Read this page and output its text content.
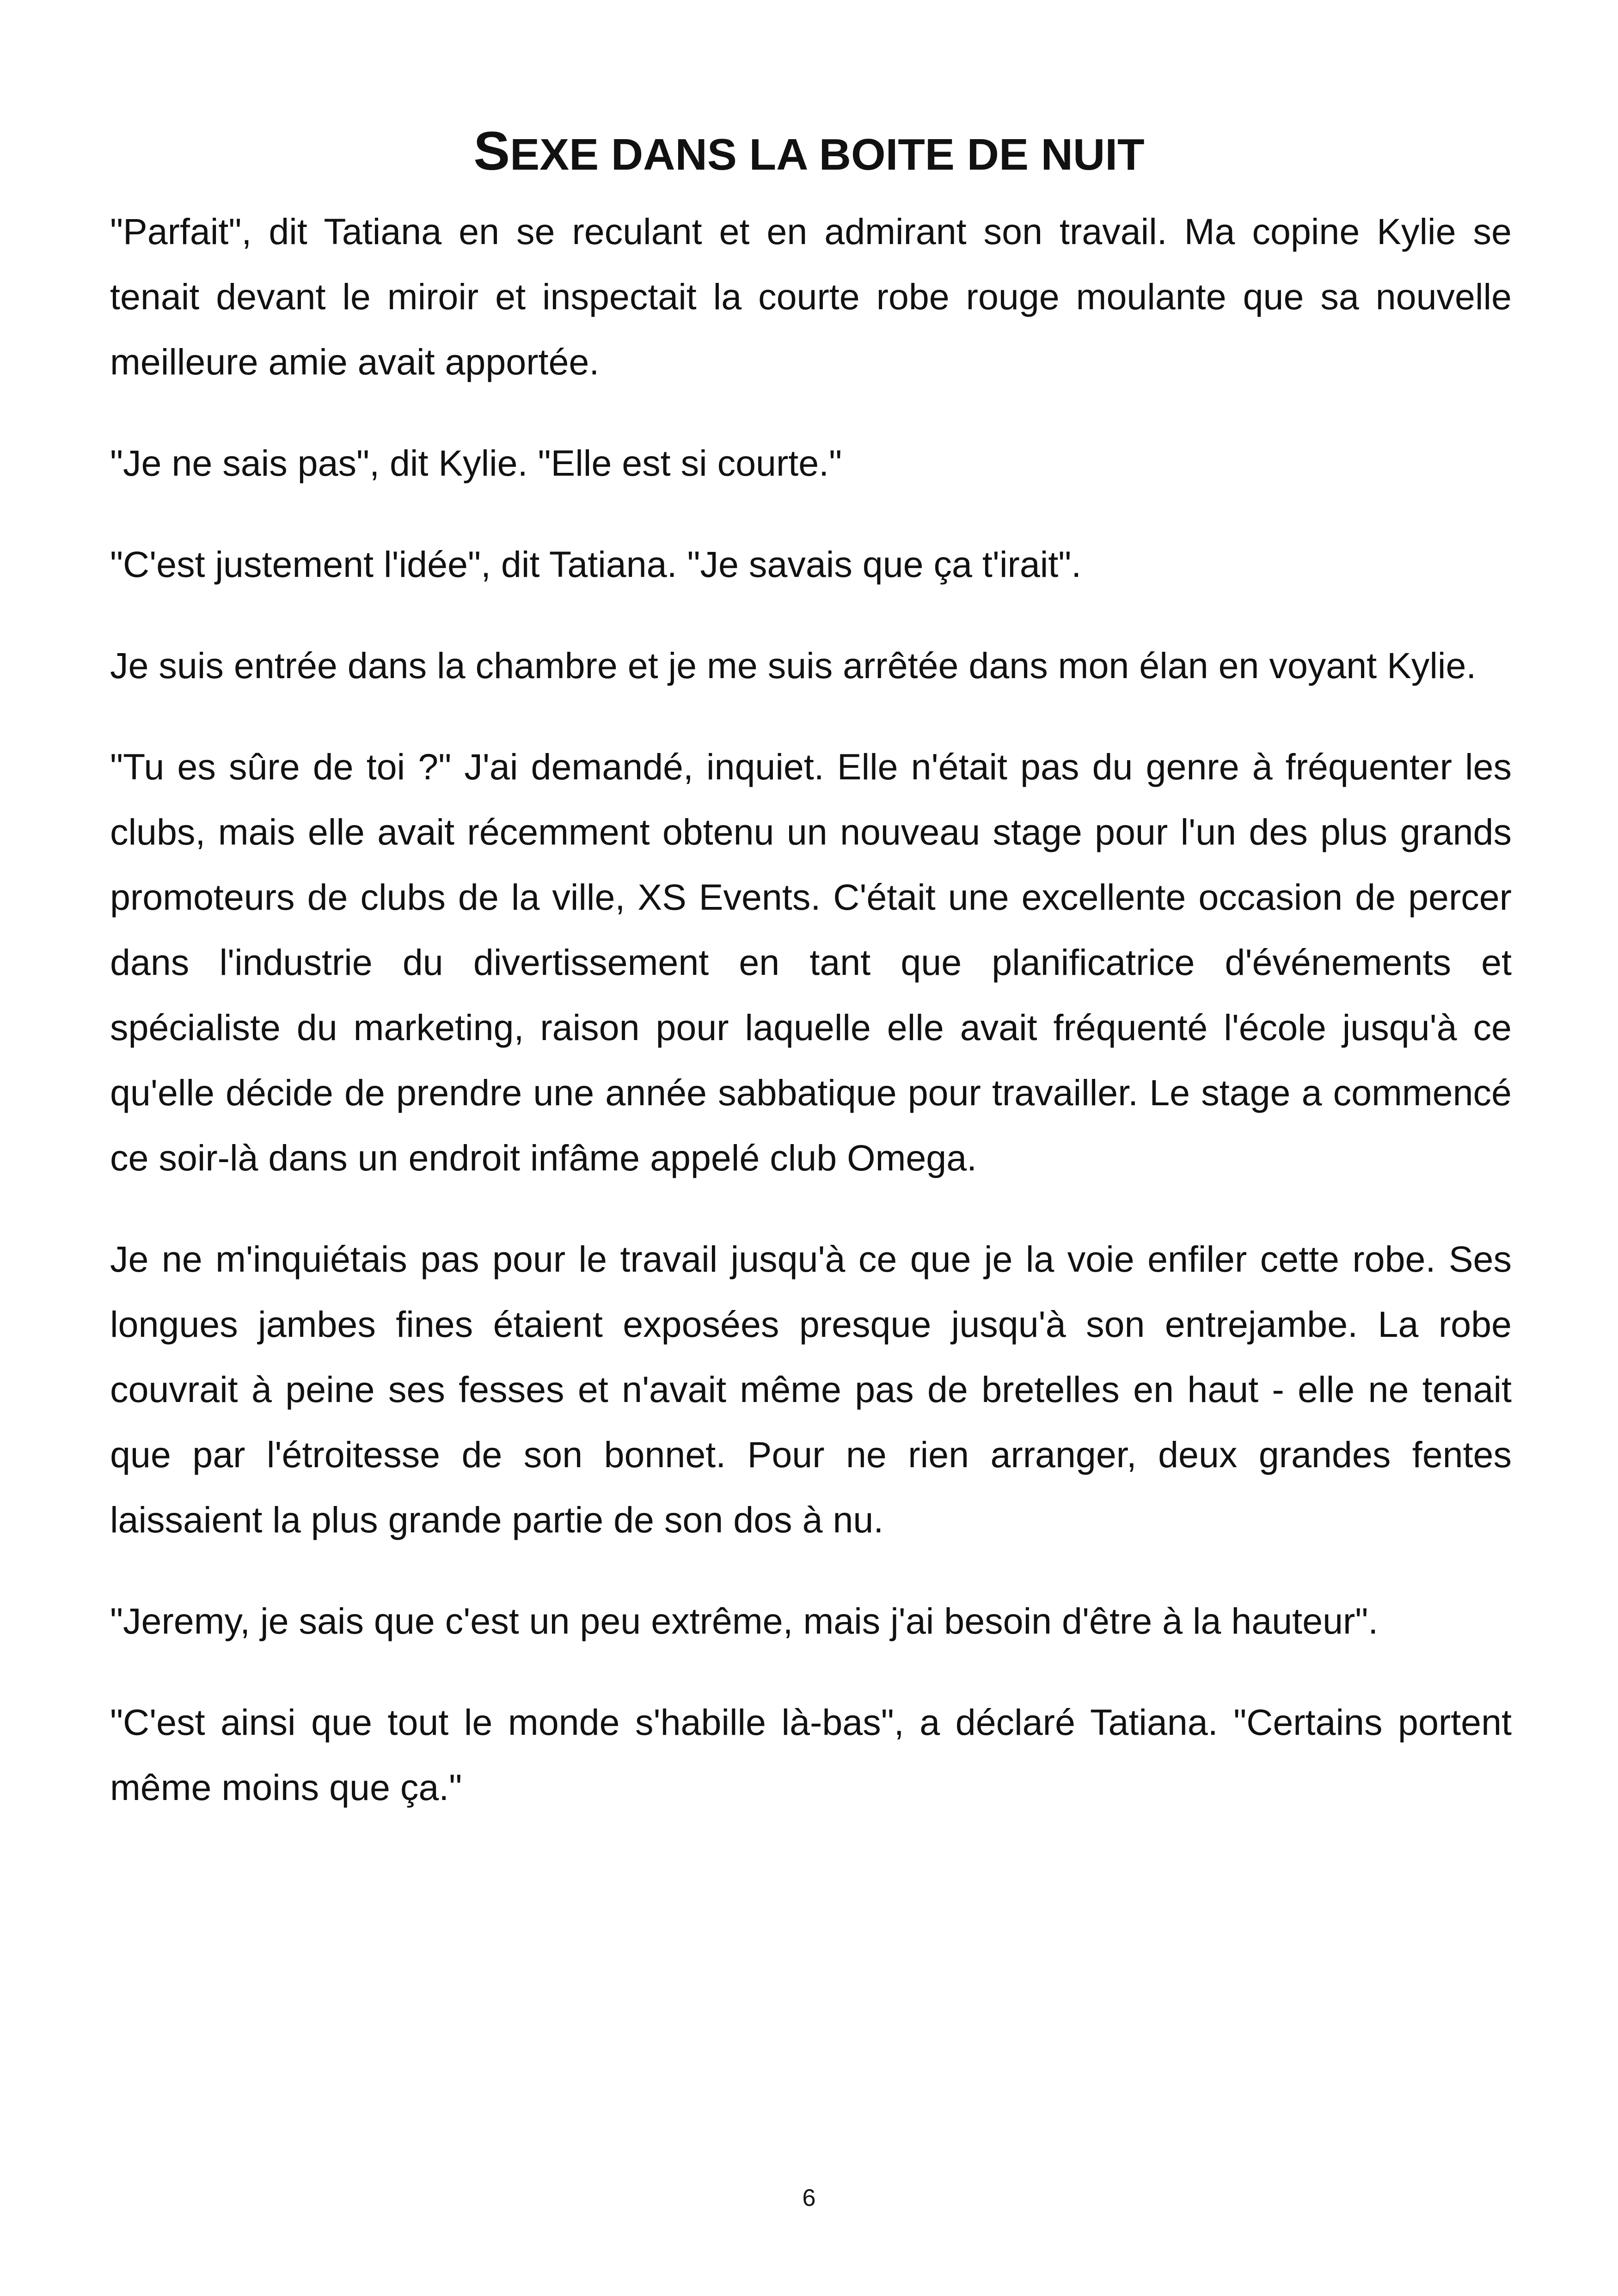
SEXE DANS LA BOITE DE NUIT

"Parfait", dit Tatiana en se reculant et en admirant son travail. Ma copine Kylie se tenait devant le miroir et inspectait la courte robe rouge moulante que sa nouvelle meilleure amie avait apportée.

"Je ne sais pas", dit Kylie. "Elle est si courte."

"C'est justement l'idée", dit Tatiana. "Je savais que ça t'irait".

Je suis entrée dans la chambre et je me suis arrêtée dans mon élan en voyant Kylie.

"Tu es sûre de toi ?" J'ai demandé, inquiet. Elle n'était pas du genre à fréquenter les clubs, mais elle avait récemment obtenu un nouveau stage pour l'un des plus grands promoteurs de clubs de la ville, XS Events. C'était une excellente occasion de percer dans l'industrie du divertissement en tant que planificatrice d'événements et spécialiste du marketing, raison pour laquelle elle avait fréquenté l'école jusqu'à ce qu'elle décide de prendre une année sabbatique pour travailler. Le stage a commencé ce soir-là dans un endroit infâme appelé club Omega.

Je ne m'inquiétais pas pour le travail jusqu'à ce que je la voie enfiler cette robe. Ses longues jambes fines étaient exposées presque jusqu'à son entrejambe. La robe couvrait à peine ses fesses et n'avait même pas de bretelles en haut - elle ne tenait que par l'étroitesse de son bonnet. Pour ne rien arranger, deux grandes fentes laissaient la plus grande partie de son dos à nu.

"Jeremy, je sais que c'est un peu extrême, mais j'ai besoin d'être à la hauteur".

"C'est ainsi que tout le monde s'habille là-bas", a déclaré Tatiana. "Certains portent même moins que ça."

6
